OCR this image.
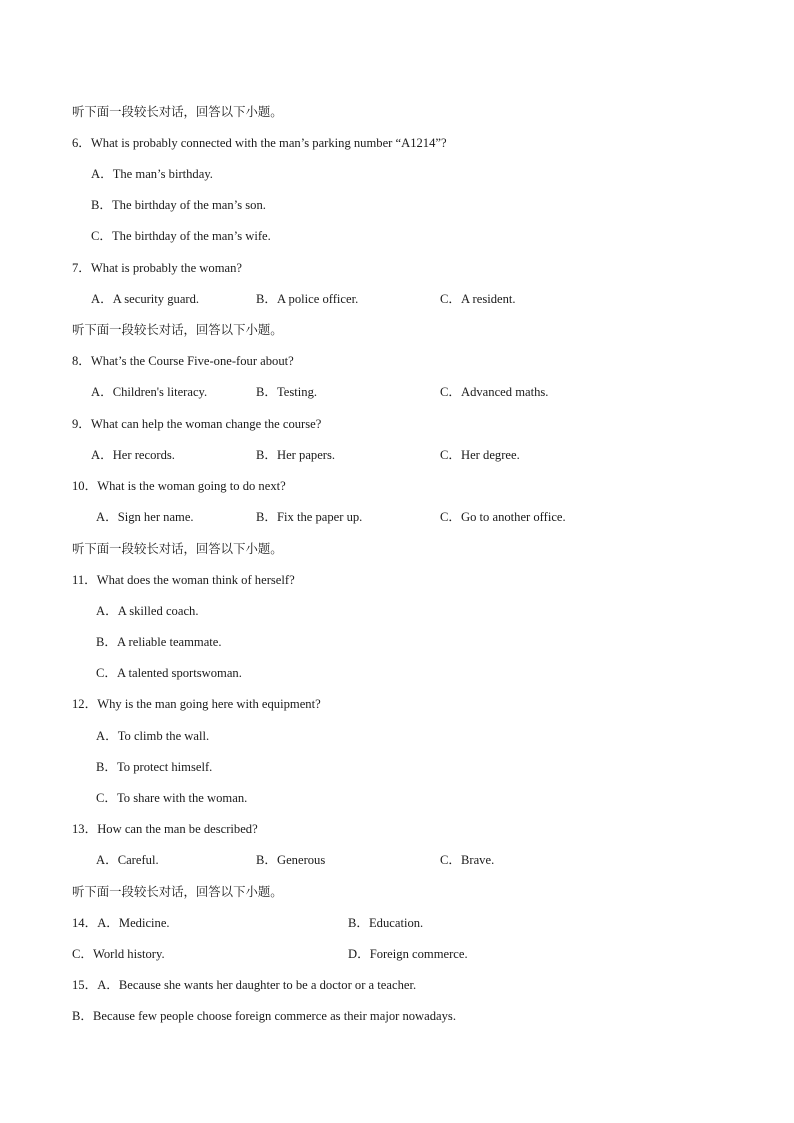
听下面一段较长对话，回答以下小题。
6．What is probably connected with the man’s parking number “A1214”?
A．The man’s birthday.
B．The birthday of the man’s son.
C．The birthday of the man’s wife.
7．What is probably the woman?
A．A security guard.	B．A police officer.	C．A resident.
听下面一段较长对话，回答以下小题。
8．What’s the Course Five-one-four about?
A．Children's literacy.	B．Testing.	C．Advanced maths.
9．What can help the woman change the course?
A．Her records.	B．Her papers.	C．Her degree.
10．What is the woman going to do next?
A．Sign her name.	B．Fix the paper up.	C．Go to another office.
听下面一段较长对话，回答以下小题。
11．What does the woman think of herself?
A．A skilled coach.
B．A reliable teammate.
C．A talented sportswoman.
12．Why is the man going here with equipment?
A．To climb the wall.
B．To protect himself.
C．To share with the woman.
13．How can the man be described?
A．Careful.	B．Generous	C．Brave.
听下面一段较长对话，回答以下小题。
14．A．Medicine.	B．Education.
C．World history.	D．Foreign commerce.
15．A．Because she wants her daughter to be a doctor or a teacher.
B．Because few people choose foreign commerce as their major nowadays.
